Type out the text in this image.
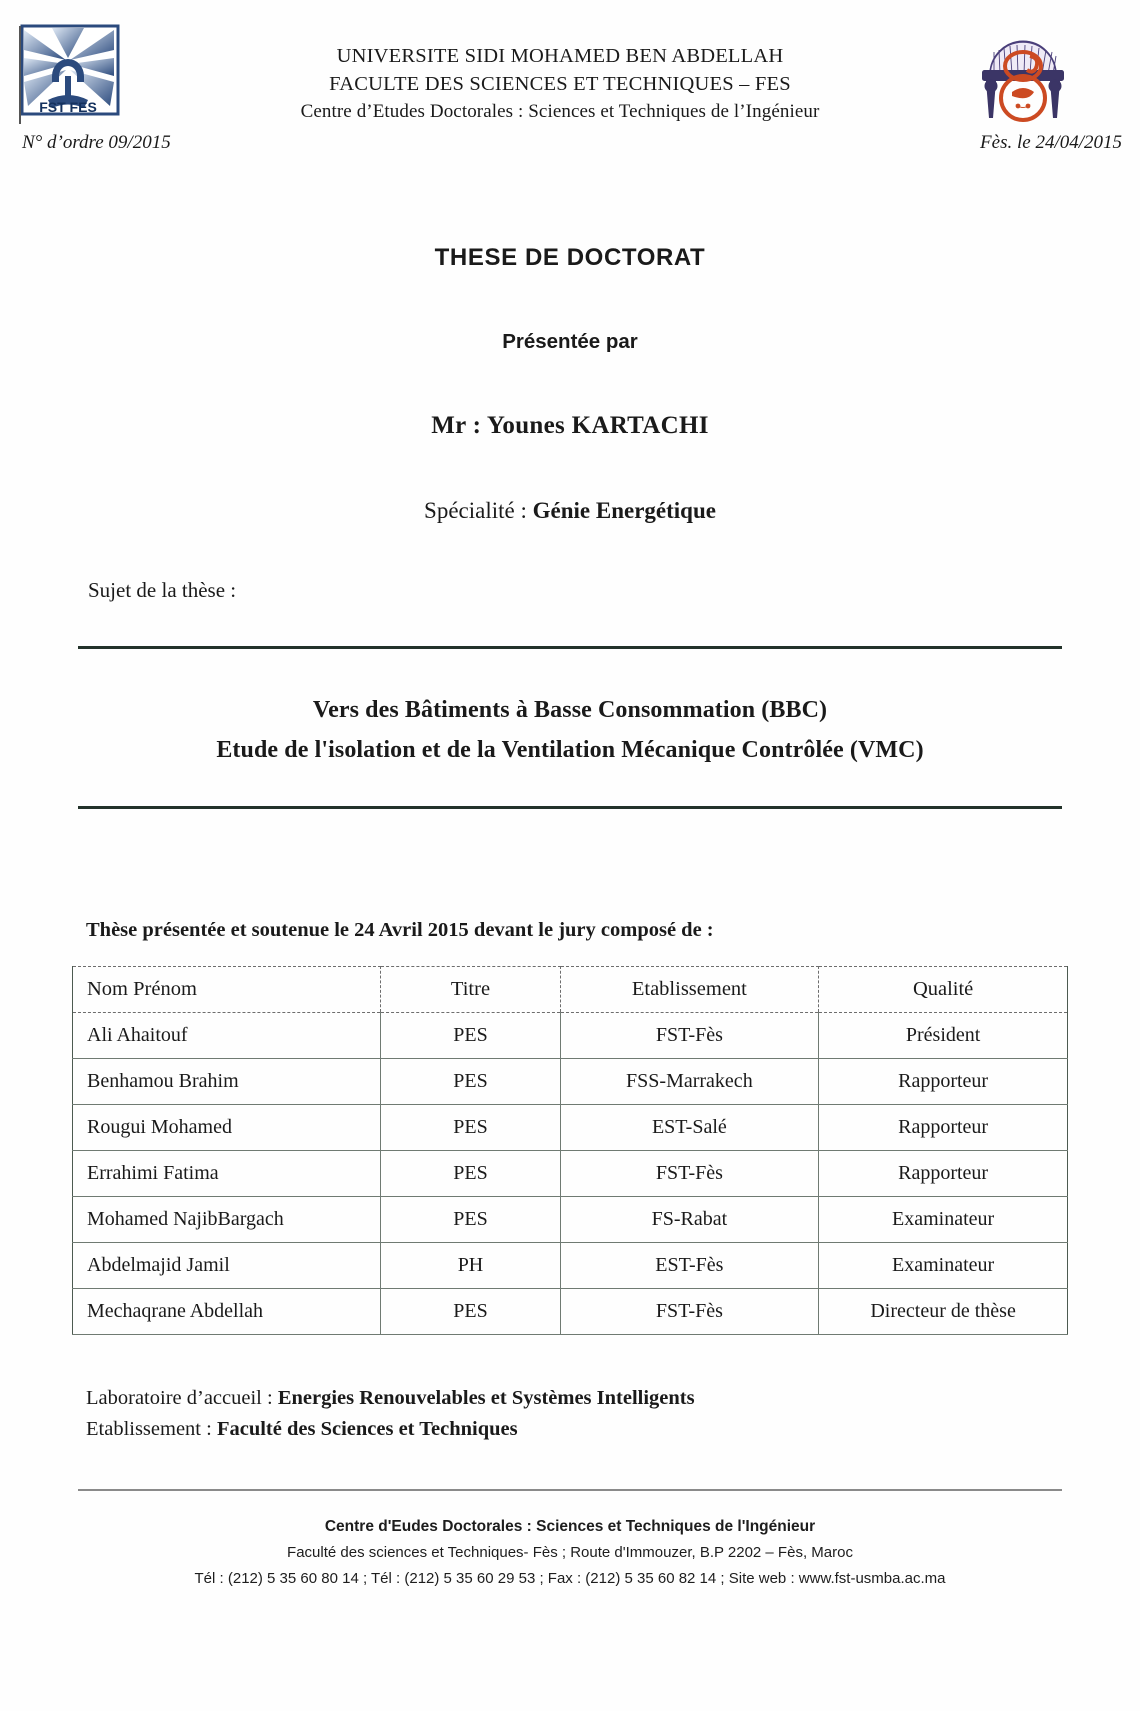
FST FES
UNIVERSITE SIDI MOHAMED BEN ABDELLAH
FACULTE DES SCIENCES ET TECHNIQUES – FES
Centre d’Etudes Doctorales : Sciences et Techniques de l’Ingénieur
N° d’ordre 09/2015	Fès. le 24/04/2015
THESE DE DOCTORAT
Présentée par
Mr : Younes KARTACHI
Spécialité : Génie Energétique
Sujet de la thèse :
Vers des Bâtiments à Basse Consommation (BBC)
Etude de l'isolation et de la Ventilation Mécanique Contrôlée (VMC)
Thèse présentée et soutenue le 24 Avril 2015 devant le jury composé de :
Nom Prénom	Titre	Etablissement	Qualité
Ali Ahaitouf	PES	FST-Fès	Président
Benhamou Brahim	PES	FSS-Marrakech	Rapporteur
Rougui Mohamed	PES	EST-Salé	Rapporteur
Errahimi Fatima	PES	FST-Fès	Rapporteur
Mohamed NajibBargach	PES	FS-Rabat	Examinateur
Abdelmajid Jamil	PH	EST-Fès	Examinateur
Mechaqrane Abdellah	PES	FST-Fès	Directeur de thèse
Laboratoire d’accueil : Energies Renouvelables et Systèmes Intelligents
Etablissement : Faculté des Sciences et Techniques
Centre d'Eudes Doctorales : Sciences et Techniques de l'Ingénieur
Faculté des sciences et Techniques- Fès ; Route d'Immouzer, B.P 2202 – Fès, Maroc
Tél : (212) 5 35 60 80 14 ; Tél : (212) 5 35 60 29 53 ; Fax : (212) 5 35 60 82 14 ; Site web : www.fst-usmba.ac.ma
